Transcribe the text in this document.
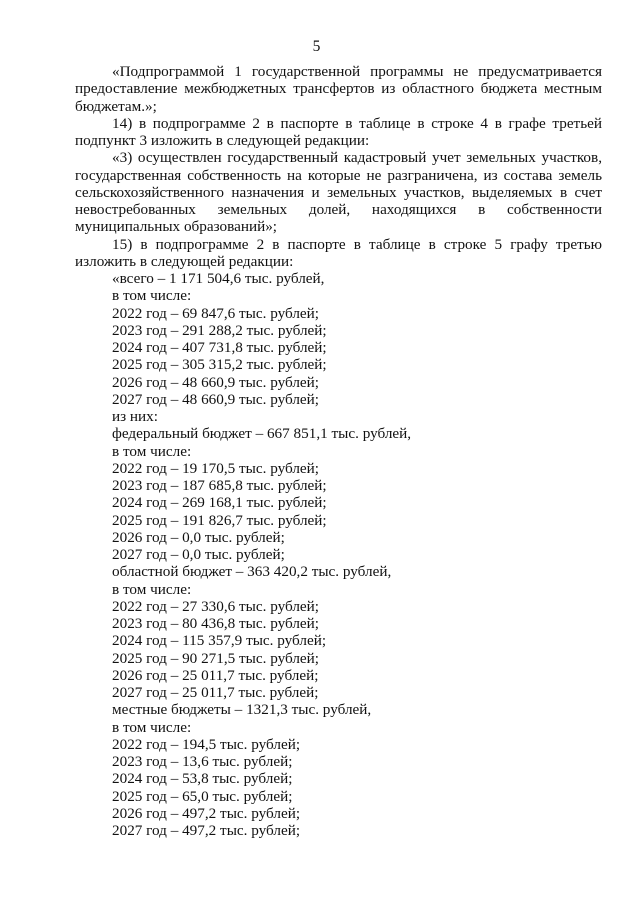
5
«Подпрограммой 1 государственной программы не предусматривается
предоставление межбюджетных трансфертов из областного бюджета местным
бюджетам.»;
14) в подпрограмме 2 в паспорте в таблице в строке 4 в графе третьей
подпункт 3 изложить в следующей редакции:
«3) осуществлен государственный кадастровый учет земельных участков,
государственная собственность на которые не разграничена, из состава земель
сельскохозяйственного назначения и земельных участков, выделяемых в счет
невостребованных земельных долей, находящихся в собственности
муниципальных образований»;
15) в подпрограмме 2 в паспорте в таблице в строке 5 графу третью
изложить в следующей редакции:
«всего – 1 171 504,6 тыс. рублей,
в том числе:
2022 год – 69 847,6 тыс. рублей;
2023 год – 291 288,2 тыс. рублей;
2024 год – 407 731,8 тыс. рублей;
2025 год – 305 315,2 тыс. рублей;
2026 год – 48 660,9 тыс. рублей;
2027 год – 48 660,9 тыс. рублей;
из них:
федеральный бюджет – 667 851,1 тыс. рублей,
в том числе:
2022 год – 19 170,5 тыс. рублей;
2023 год – 187 685,8 тыс. рублей;
2024 год – 269 168,1 тыс. рублей;
2025 год – 191 826,7 тыс. рублей;
2026 год – 0,0 тыс. рублей;
2027 год – 0,0 тыс. рублей;
областной бюджет – 363 420,2 тыс. рублей,
в том числе:
2022 год – 27 330,6 тыс. рублей;
2023 год – 80 436,8 тыс. рублей;
2024 год – 115 357,9 тыс. рублей;
2025 год – 90 271,5 тыс. рублей;
2026 год – 25 011,7 тыс. рублей;
2027 год – 25 011,7 тыс. рублей;
местные бюджеты – 1321,3 тыс. рублей,
в том числе:
2022 год – 194,5 тыс. рублей;
2023 год – 13,6 тыс. рублей;
2024 год – 53,8 тыс. рублей;
2025 год – 65,0 тыс. рублей;
2026 год – 497,2 тыс. рублей;
2027 год – 497,2 тыс. рублей;
